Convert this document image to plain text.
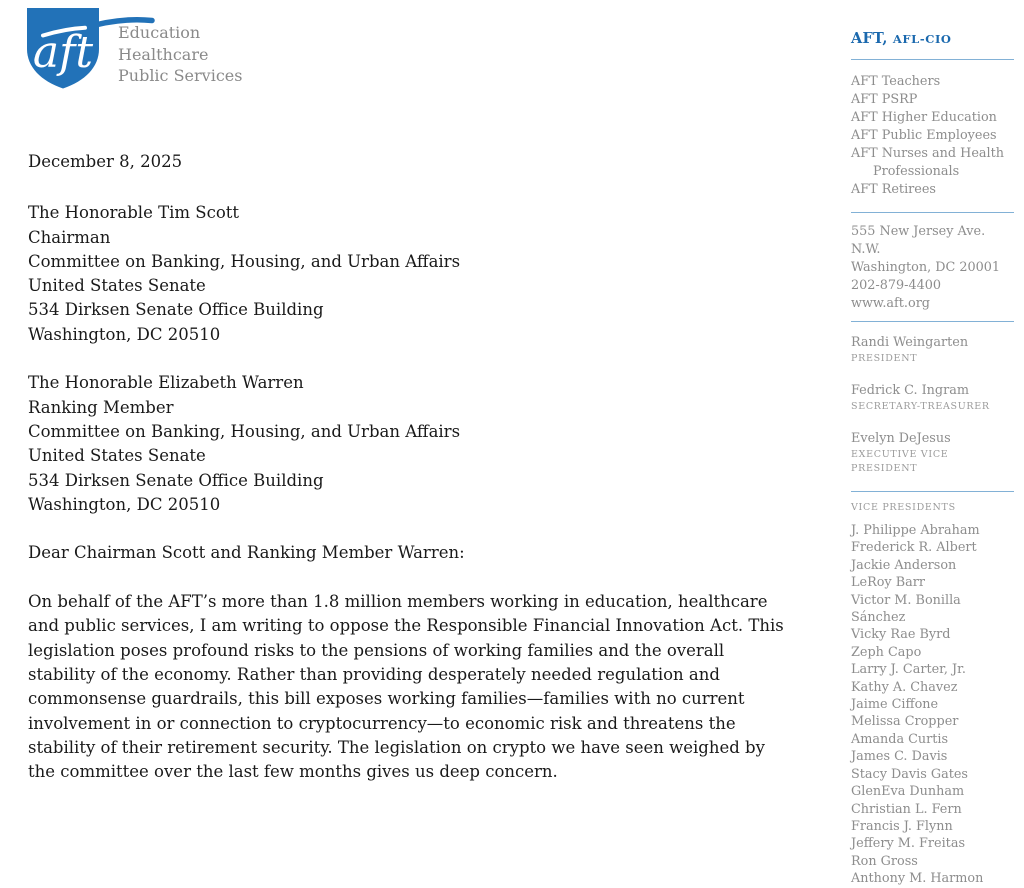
aft Education
Healthcare
Public Services

December 8, 2025

The Honorable Tim Scott
Chairman
Committee on Banking, Housing, and Urban Affairs
United States Senate
534 Dirksen Senate Office Building
Washington, DC 20510
The Honorable Elizabeth Warren
Ranking Member
Committee on Banking, Housing, and Urban Affairs
United States Senate
534 Dirksen Senate Office Building
Washington, DC 20510

Dear Chairman Scott and Ranking Member Warren:

On behalf of the AFT’s more than 1.8 million members working in education, healthcare and public services, I am writing to oppose the Responsible Financial Innovation Act. This legislation poses profound risks to the pensions of working families and the overall stability of the economy. Rather than providing desperately needed regulation and commonsense guardrails, this bill exposes working families—families with no current involvement in or connection to cryptocurrency—to economic risk and threatens the stability of their retirement security. The legislation on crypto we have seen weighed by the committee over the last few months gives us deep concern.

AFT, AFL-CIO
AFT Teachers
AFT PSRP
AFT Higher Education
AFT Public Employees
AFT Nurses and Health Professionals
AFT Retirees
555 New Jersey Ave. N.W.
Washington, DC 20001
202-879-4400
www.aft.org
Randi Weingarten
PRESIDENT
Fedrick C. Ingram
SECRETARY-TREASURER
Evelyn DeJesus
EXECUTIVE VICE PRESIDENT
VICE PRESIDENTS
J. Philippe Abraham
Frederick R. Albert
Jackie Anderson
LeRoy Barr
Victor M. Bonilla Sánchez
Vicky Rae Byrd
Zeph Capo
Larry J. Carter, Jr.
Kathy A. Chavez
Jaime Ciffone
Melissa Cropper
Amanda Curtis
James C. Davis
Stacy Davis Gates
GlenEva Dunham
Christian L. Fern
Francis J. Flynn
Jeffery M. Freitas
Ron Gross
Anthony M. Harmon
